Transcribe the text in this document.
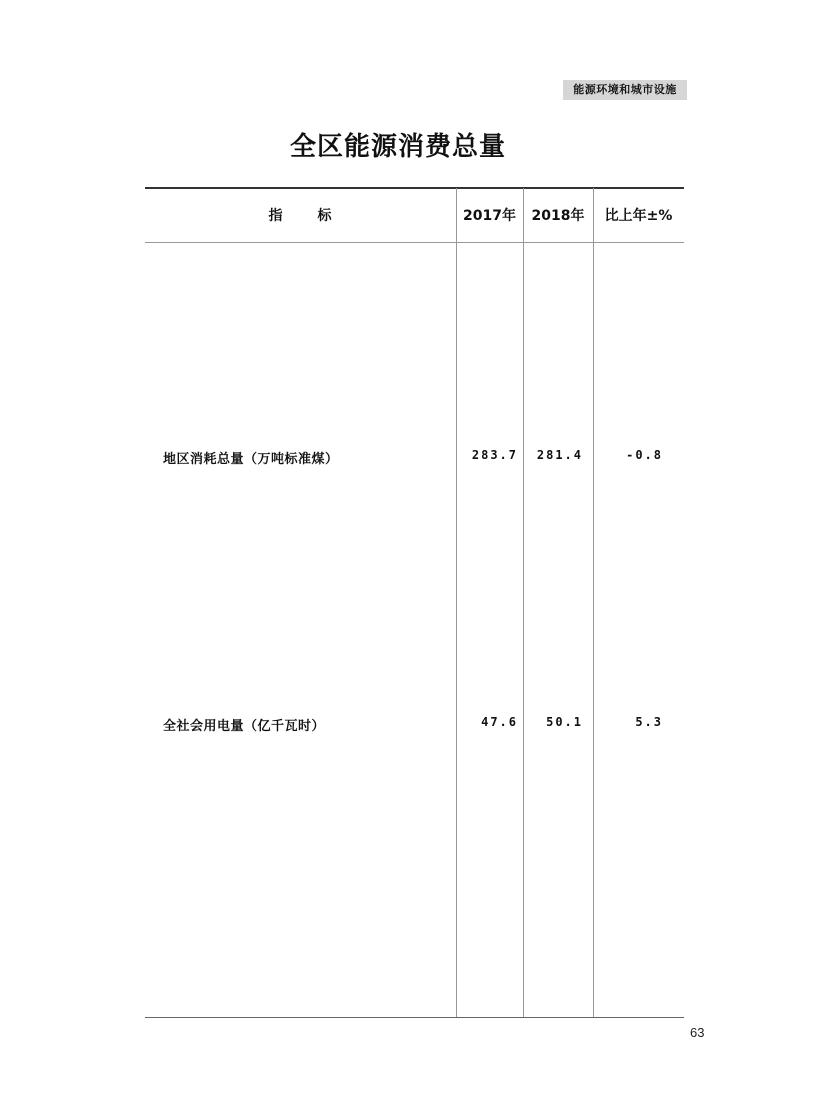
能源环境和城市设施
全区能源消费总量
指 标	2017年	2018年	比上年±%
地区消耗总量（万吨标准煤）	283.7	281.4	-0.8
全社会用电量（亿千瓦时）	47.6	50.1	5.3
63
